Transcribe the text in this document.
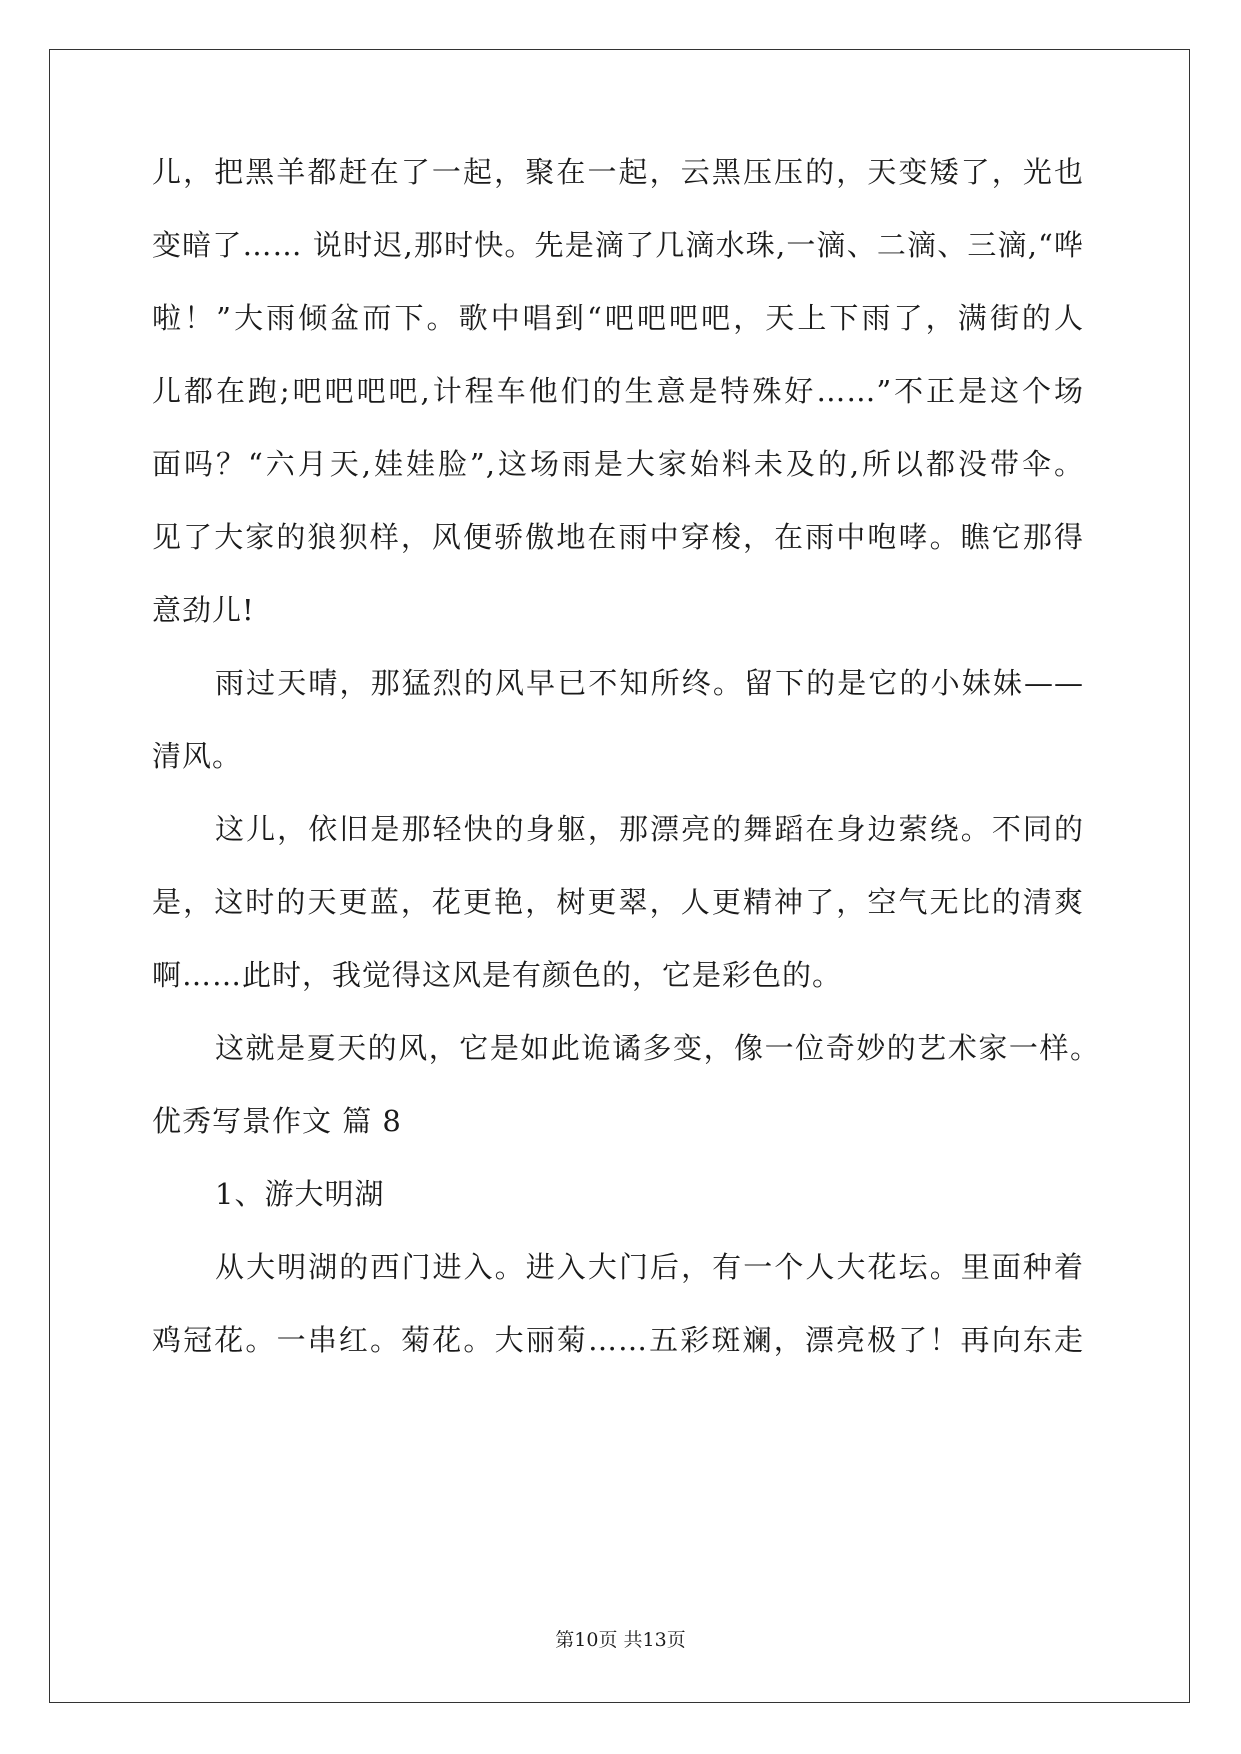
儿，把黑羊都赶在了一起，聚在一起，云黑压压的，天变矮了，光也
变暗了…… 说时迟,那时快。先是滴了几滴水珠,一滴、二滴、三滴,“哗
啦！”大雨倾盆而下。歌中唱到“吧吧吧吧，天上下雨了，满街的人
儿都在跑;吧吧吧吧,计程车他们的生意是特殊好……”不正是这个场
面吗？“六月天,娃娃脸”,这场雨是大家始料未及的,所以都没带伞。
见了大家的狼狈样，风便骄傲地在雨中穿梭，在雨中咆哮。瞧它那得
意劲儿!
雨过天晴，那猛烈的风早已不知所终。留下的是它的小妹妹——
清风。
这儿，依旧是那轻快的身躯，那漂亮的舞蹈在身边萦绕。不同的
是，这时的天更蓝，花更艳，树更翠，人更精神了，空气无比的清爽
啊……此时，我觉得这风是有颜色的，它是彩色的。
这就是夏天的风，它是如此诡谲多变，像一位奇妙的艺术家一样。
优秀写景作文 篇 8
1、游大明湖
从大明湖的西门进入。进入大门后，有一个人大花坛。里面种着
鸡冠花。一串红。菊花。大丽菊……五彩斑斓，漂亮极了！再向东走
第10页 共13页
